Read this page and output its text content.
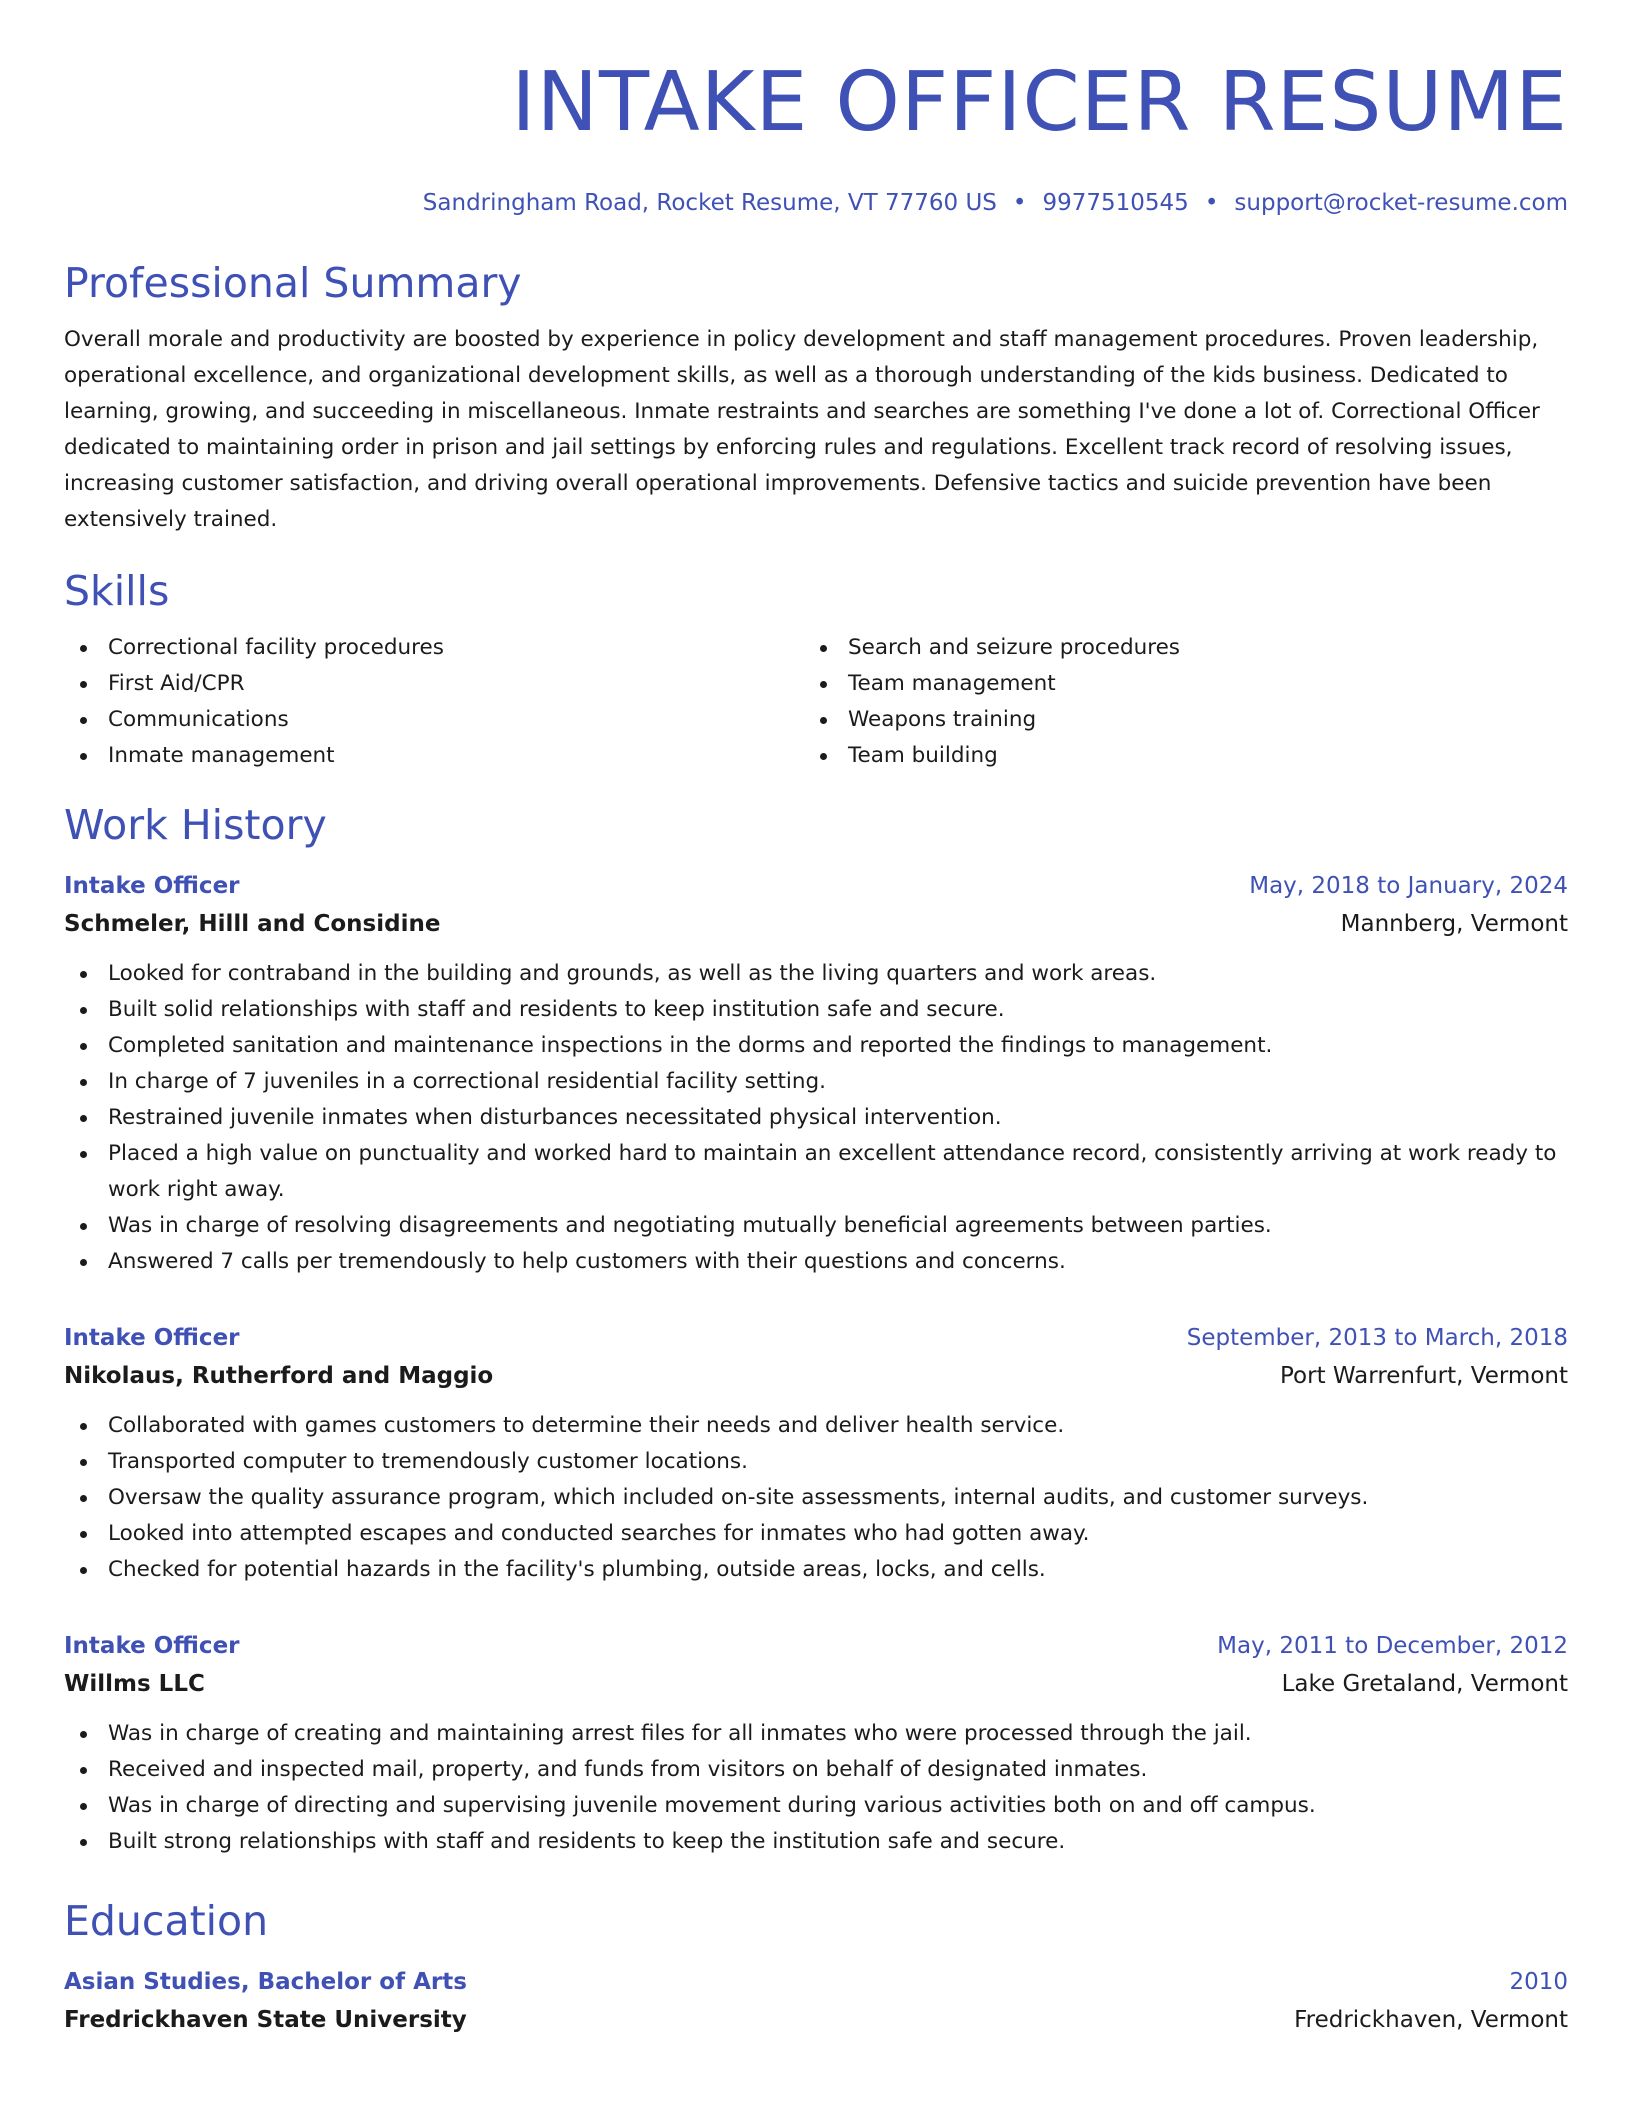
INTAKE OFFICER RESUME
Sandringham Road, Rocket Resume, VT 77760 US • 9977510545 • support@rocket-resume.com
Professional Summary

Overall morale and productivity are boosted by experience in policy development and staff management procedures. Proven leadership, operational excellence, and organizational development skills, as well as a thorough understanding of the kids business. Dedicated to learning, growing, and succeeding in miscellaneous. Inmate restraints and searches are something I've done a lot of. Correctional Officer dedicated to maintaining order in prison and jail settings by enforcing rules and regulations. Excellent track record of resolving issues, increasing customer satisfaction, and driving overall operational improvements. Defensive tactics and suicide prevention have been extensively trained.

Skills
Correctional facility procedures
First Aid/CPR
Communications
Inmate management
Search and seizure procedures
Team management
Weapons training
Team building
Work History
Intake Officer	May, 2018 to January, 2024
Schmeler, Hilll and Considine	Mannberg, Vermont
Looked for contraband in the building and grounds, as well as the living quarters and work areas.
Built solid relationships with staff and residents to keep institution safe and secure.
Completed sanitation and maintenance inspections in the dorms and reported the findings to management.
In charge of 7 juveniles in a correctional residential facility setting.
Restrained juvenile inmates when disturbances necessitated physical intervention.
Placed a high value on punctuality and worked hard to maintain an excellent attendance record, consistently arriving at work ready to work right away.
Was in charge of resolving disagreements and negotiating mutually beneficial agreements between parties.
Answered 7 calls per tremendously to help customers with their questions and concerns.
Intake Officer	September, 2013 to March, 2018
Nikolaus, Rutherford and Maggio	Port Warrenfurt, Vermont
Collaborated with games customers to determine their needs and deliver health service.
Transported computer to tremendously customer locations.
Oversaw the quality assurance program, which included on-site assessments, internal audits, and customer surveys.
Looked into attempted escapes and conducted searches for inmates who had gotten away.
Checked for potential hazards in the facility's plumbing, outside areas, locks, and cells.
Intake Officer	May, 2011 to December, 2012
Willms LLC	Lake Gretaland, Vermont
Was in charge of creating and maintaining arrest files for all inmates who were processed through the jail.
Received and inspected mail, property, and funds from visitors on behalf of designated inmates.
Was in charge of directing and supervising juvenile movement during various activities both on and off campus.
Built strong relationships with staff and residents to keep the institution safe and secure.
Education
Asian Studies, Bachelor of Arts	2010
Fredrickhaven State University	Fredrickhaven, Vermont
